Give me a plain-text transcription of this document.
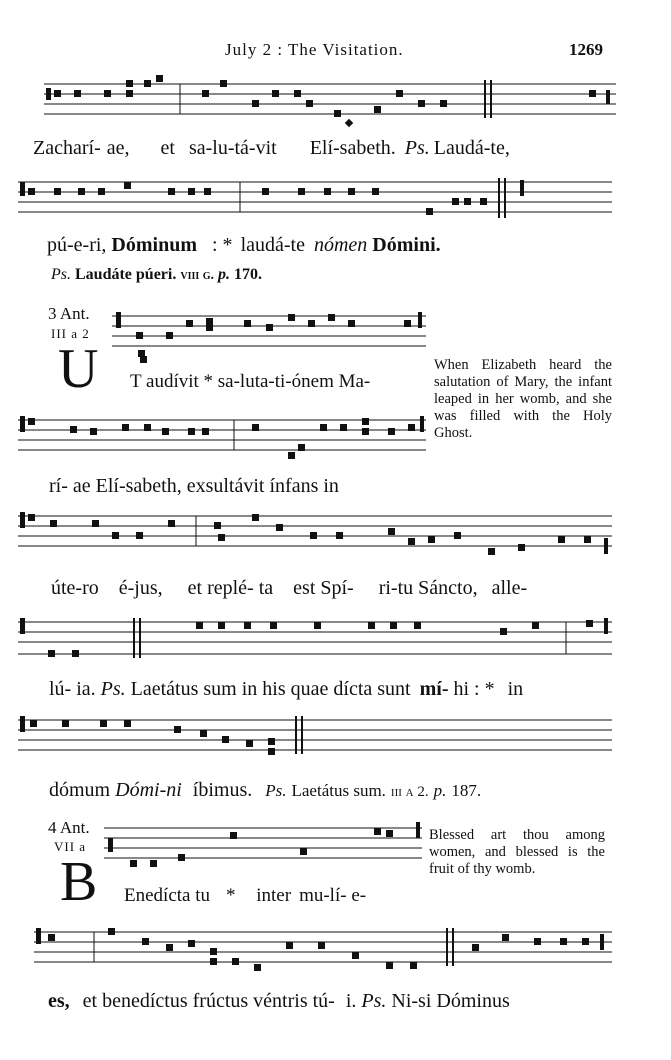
July 2 : The Visitation.	1269
Zacharí- ae, et sa-lu-tá-vit Elí-sabeth. Ps. Laudá-te,
pú-e-ri, Dóminum : * laudá-te nómen Dómini.
Ps. Laudáte púeri. viii g. p. 170.
3 Ant.
III a 2
U T audívit * sa-luta-ti-ónem Ma-
When Elizabeth heard the salutation of Mary, the infant leaped in her womb, and she was filled with the Holy Ghost.
rí- ae Elí-sabeth, exsultávit ínfans in
úte-ro é-jus, et replé- ta est Spí- ri-tu Sáncto, alle-
lú- ia. Ps. Laetátus sum in his quae dícta sunt mí- hi : * in
dómum Dómi-ni íbimus. Ps. Laetátus sum. iii a 2. p. 187.
4 Ant.
VII a
B Enedícta tu * inter mu-lí- e-
Blessed art thou among women, and blessed is the fruit of thy womb.
es, et benedíctus frúctus véntris tú- i. Ps. Ni-si Dóminus
